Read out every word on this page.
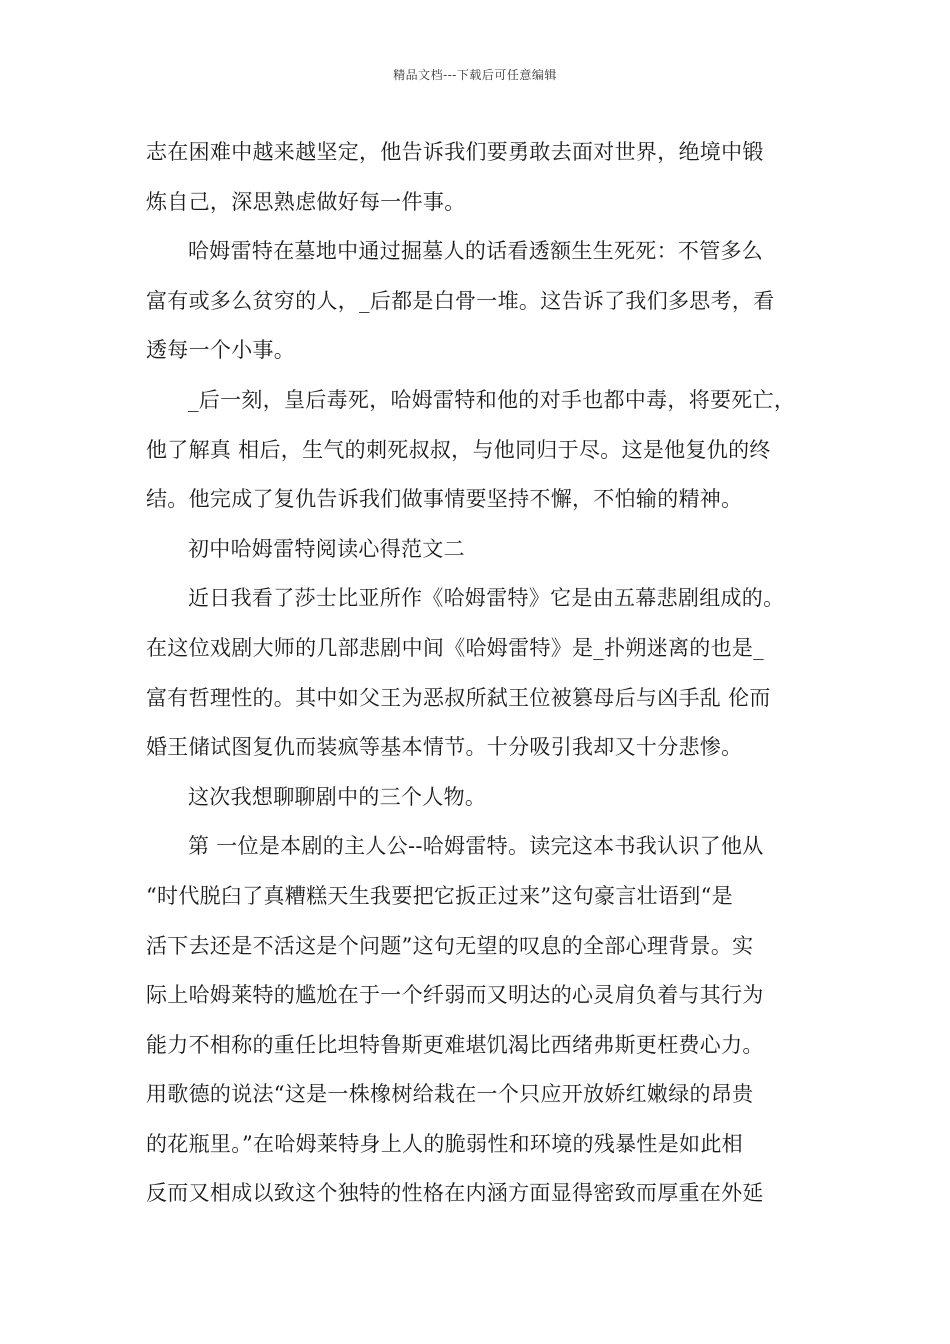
精品文档---下载后可任意编辑
志在困难中越来越坚定，他告诉我们要勇敢去面对世界，绝境中锻
炼自己，深思熟虑做好每一件事。
哈姆雷特在墓地中通过掘墓人的话看透额生生死死：不管多么
富有或多么贫穷的人，_后都是白骨一堆。这告诉了我们多思考，看
透每一个小事。
_后一刻，皇后毒死，哈姆雷特和他的对手也都中毒，将要死亡，
他了解真 相后，生气的刺死叔叔，与他同归于尽。这是他复仇的终
结。他完成了复仇告诉我们做事情要坚持不懈，不怕输的精神。
初中哈姆雷特阅读心得范文二
近日我看了莎士比亚所作《哈姆雷特》它是由五幕悲剧组成的。
在这位戏剧大师的几部悲剧中间《哈姆雷特》是_扑朔迷离的也是_
富有哲理性的。其中如父王为恶叔所弑王位被篡母后与凶手乱 伦而
婚王储试图复仇而装疯等基本情节。十分吸引我却又十分悲惨。
这次我想聊聊剧中的三个人物。
第 一位是本剧的主人公--哈姆雷特。读完这本书我认识了他从
“时代脱臼了真糟糕天生我要把它扳正过来”这句豪言壮语到“是
活下去还是不活这是个问题”这句无望的叹息的全部心理背景。实
际上哈姆莱特的尴尬在于一个纤弱而又明达的心灵肩负着与其行为
能力不相称的重任比坦特鲁斯更难堪饥渴比西绪弗斯更枉费心力。
用歌德的说法“这是一株橡树给栽在一个只应开放娇红嫩绿的昂贵
的花瓶里。”在哈姆莱特身上人的脆弱性和环境的残暴性是如此相
反而又相成以致这个独特的性格在内涵方面显得密致而厚重在外延
